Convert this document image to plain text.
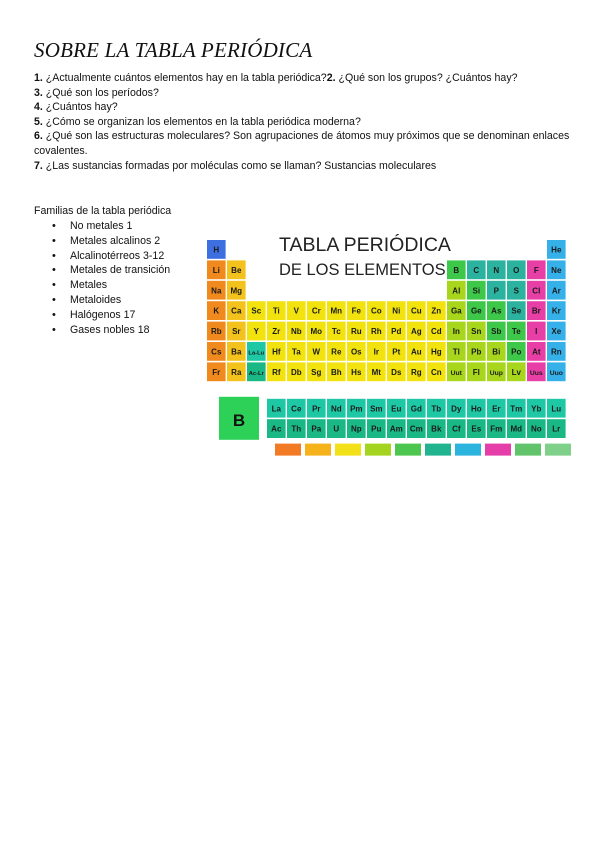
SOBRE LA TABLA PERIÓDICA

1. ¿Actualmente cuántos elementos hay en la tabla periódica?2. ¿Qué son los grupos? ¿Cuántos hay?

3. ¿Qué son los períodos?

4. ¿Cuántos hay?

5. ¿Cómo se organizan los elementos en la tabla periódica moderna?

6. ¿Qué son las estructuras moleculares? Son agrupaciones de átomos muy próximos que se denominan enlaces covalentes.

7. ¿Las sustancias formadas por moléculas como se llaman? Sustancias moleculares

Familias de la tabla periódica

• No metales 1
• Metales alcalinos 2
• Alcalinotérreos 3-12
• Metales de transición
• Metales
• Metaloides
• Halógenos 17
• Gases nobles 18
TABLA PERIÓDICA
DE LOS ELEMENTOS
H	He
Li Be	B C N O F Ne
Na Mg	Al Si P S Cl Ar
K Ca Sc Ti V Cr Mn Fe Co Ni Cu Zn Ga Ge As Se Br Kr
Rb Sr Y Zr Nb Mo Tc Ru Rh Pd Ag Cd In Sn Sb Te I Xe
Cs Ba La-Lu Hf Ta W Re Os Ir Pt Au Hg Tl Pb Bi Po At Rn
Fr Ra Ac-Lr Rf Db Sg Bh Hs Mt Ds Rg Cn Uut Fl Uup Lv Uus Uuo
La Ce Pr Nd Pm Sm Eu Gd Tb Dy Ho Er Tm Yb Lu
Ac Th Pa U Np Pu Am Cm Bk Cf Es Fm Md No Lr
B
